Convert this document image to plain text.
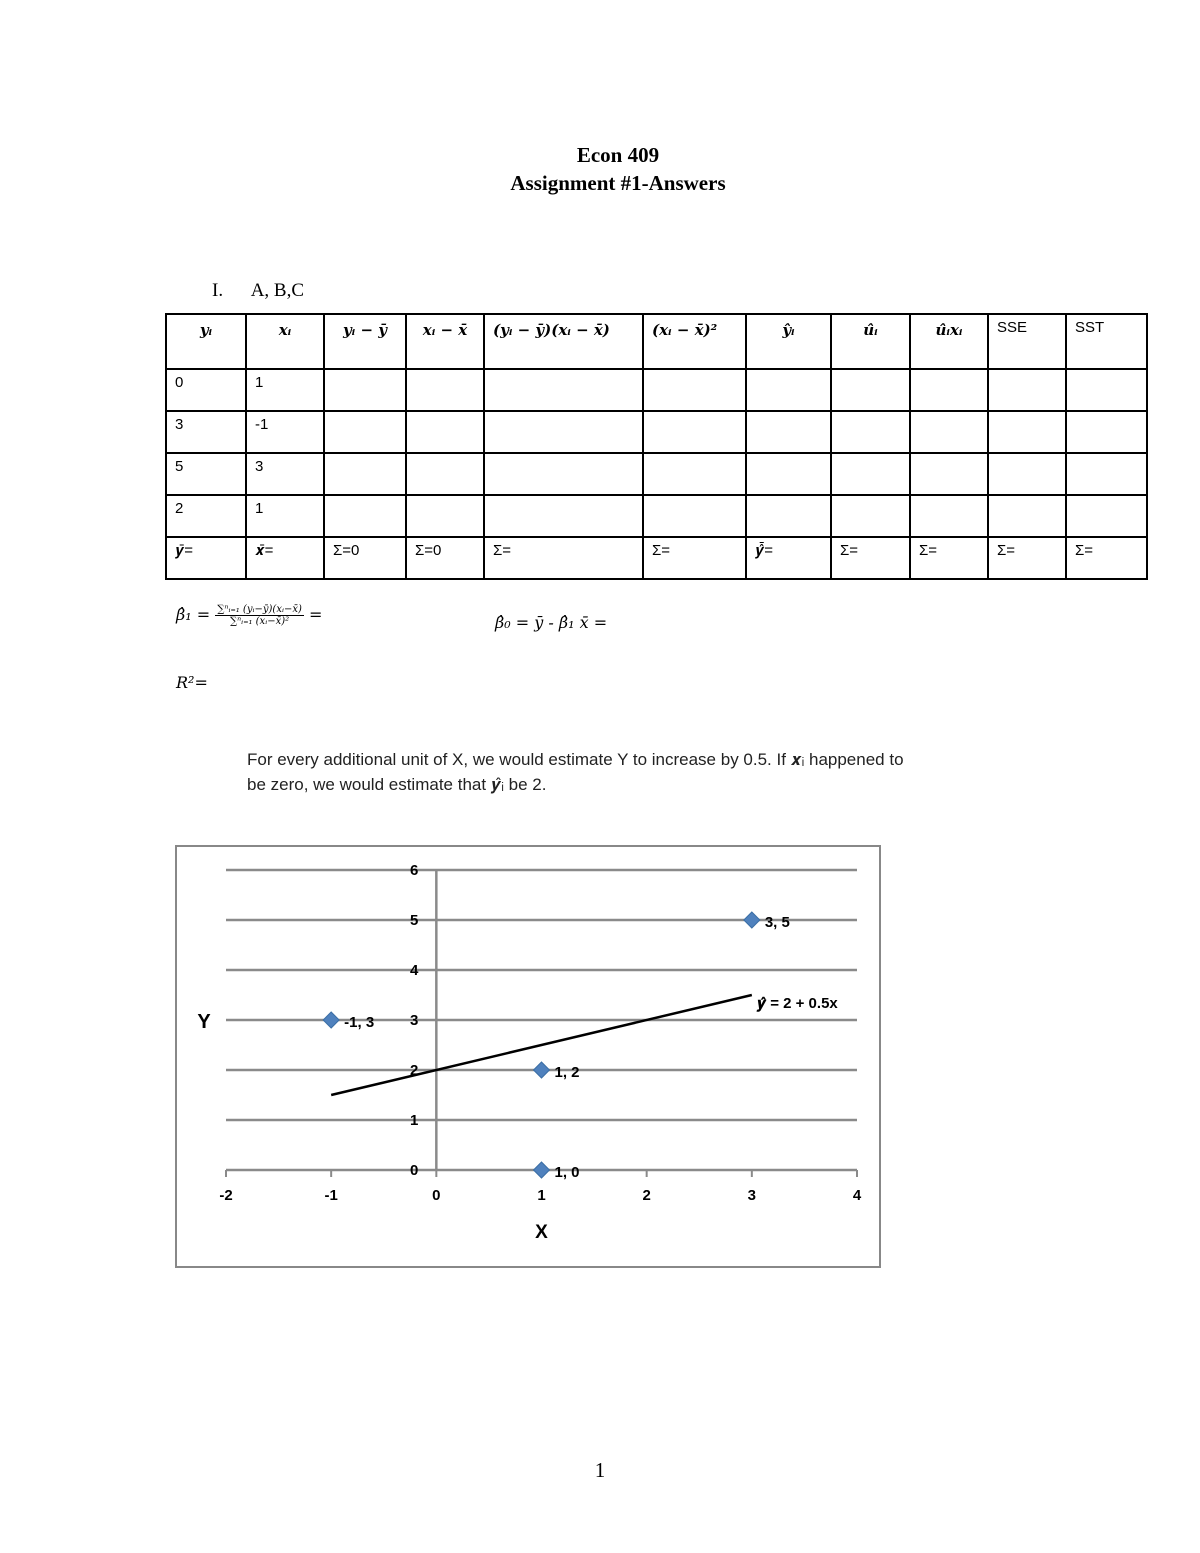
Econ 409
Assignment #1-Answers
I. A, B,C
𝒚ᵢ	𝒙ᵢ	𝒚ᵢ − 𝒚̄	𝒙ᵢ − 𝒙̄	(𝒚ᵢ − 𝒚̄)(𝒙ᵢ − 𝒙̄)	(𝒙ᵢ − 𝒙̄)²	𝒚̂ᵢ	𝒖̂ᵢ	𝒖̂ᵢ𝒙ᵢ	SSE	SST
0	1									
3	-1									
5	3									
2	1									
𝒚̄=	𝒙̄=	Σ=0	Σ=0	Σ=	Σ=	𝒚̂̄=	Σ=	Σ=	Σ=	Σ=
β̂₁ = $\frac{\text{∑ⁿᵢ₌₁ (yᵢ−ȳ)(xᵢ−x̄)}}{\text{∑ⁿᵢ₌₁ (xᵢ−x̄)²}}$ =	β̂₀ = ȳ - β̂₁ x̄ =
R²=
For every additional unit of X, we would estimate Y to increase by 0.5. If 𝒙ᵢ happened to
be zero, we would estimate that 𝒚̂ᵢ be 2.
-2	-1	0	1	2	3	4
0
1
2
3
4
5
6
X
Y
𝒚̂ = 2 + 0.5x
1, 0
-1, 3
3, 5
1, 2
1
